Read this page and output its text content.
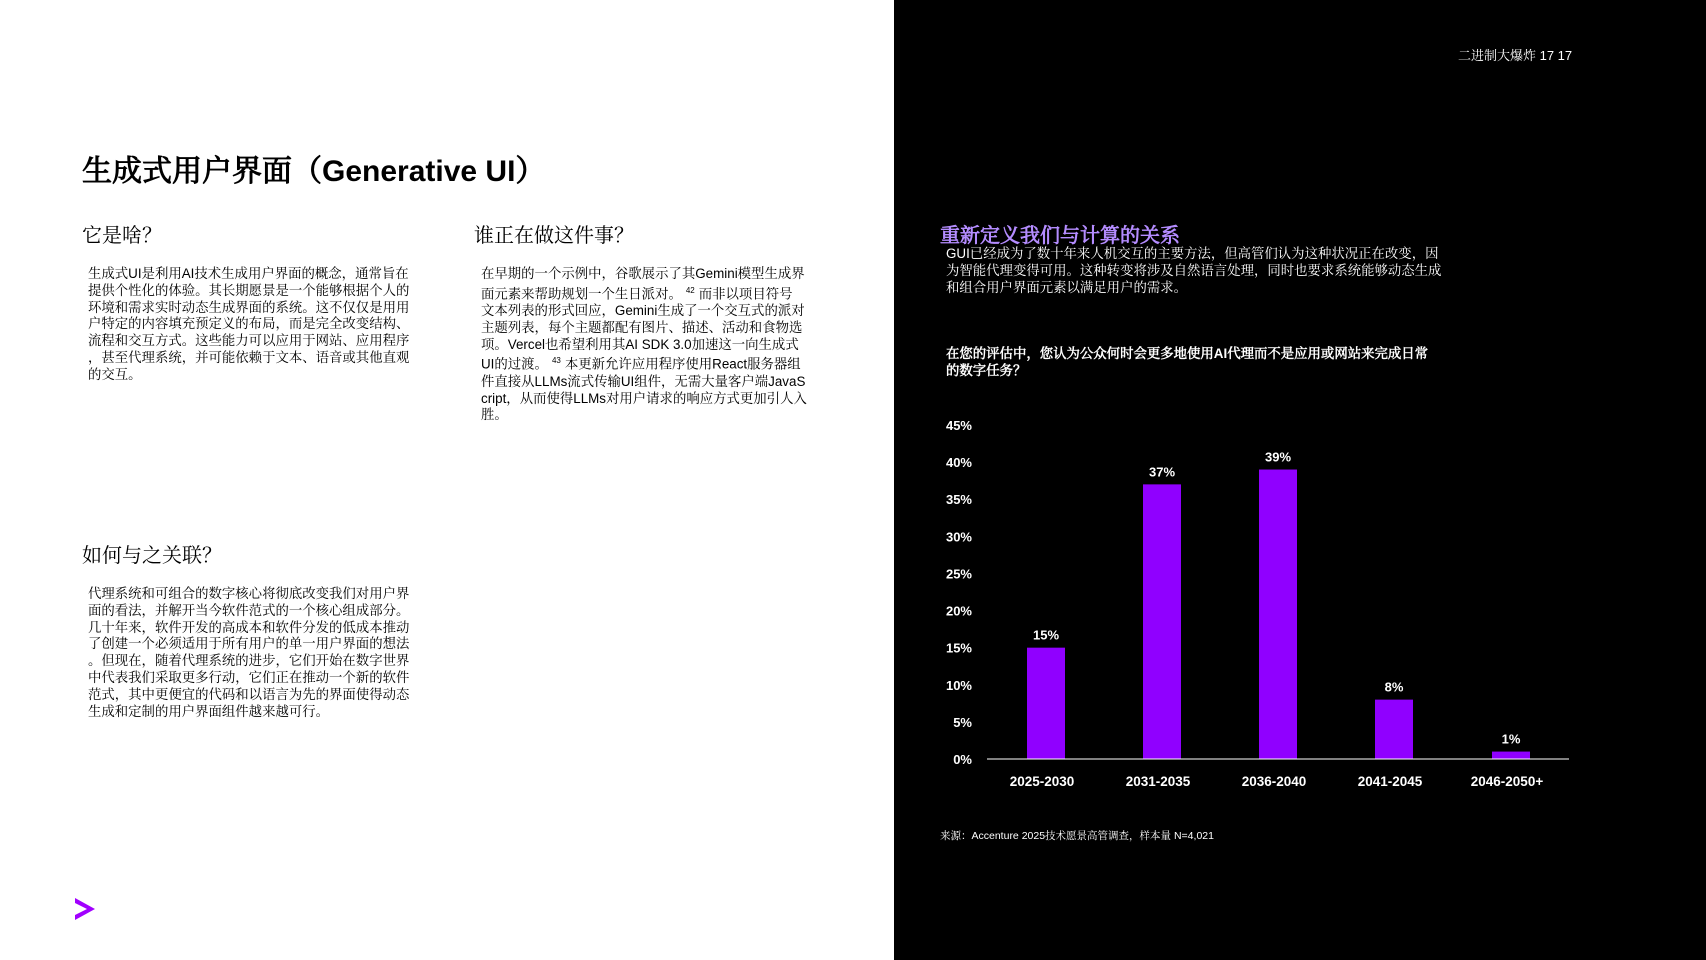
生成式用户界面（Generative UI）
它是啥？
生成式UI是利用AI技术生成用户界面的概念，通常旨在
提供个性化的体验。其长期愿景是一个能够根据个人的
环境和需求实时动态生成界面的系统。这不仅仅是用用
户特定的内容填充预定义的布局，而是完全改变结构、
流程和交互方式。这些能力可以应用于网站、应用程序
，甚至代理系统，并可能依赖于文本、语音或其他直观
的交互。
谁正在做这件事？
在早期的一个示例中，谷歌展示了其Gemini模型生成界
面元素来帮助规划一个生日派对。 $^{42}$ 而非以项目符号
文本列表的形式回应，Gemini生成了一个交互式的派对
主题列表，每个主题都配有图片、描述、活动和食物选
项。Vercel也希望利用其AI SDK 3.0加速这一向生成式
UI的过渡。 $^{43}$ 本更新允许应用程序使用React服务器组
件直接从LLMs流式传输UI组件，无需大量客户端JavaS
cript，从而使得LLMs对用户请求的响应方式更加引人入
胜。
如何与之关联？
代理系统和可组合的数字核心将彻底改变我们对用户界
面的看法，并解开当今软件范式的一个核心组成部分。
几十年来，软件开发的高成本和软件分发的低成本推动
了创建一个必须适用于所有用户的单一用户界面的想法
。但现在，随着代理系统的进步，它们开始在数字世界
中代表我们采取更多行动，它们正在推动一个新的软件
范式，其中更便宜的代码和以语言为先的界面使得动态
生成和定制的用户界面组件越来越可行。
二进制大爆炸 17 17
重新定义我们与计算的关系
GUI已经成为了数十年来人机交互的主要方法，但高管们认为这种状况正在改变，因
为智能代理变得可用。这种转变将涉及自然语言处理，同时也要求系统能够动态生成
和组合用户界面元素以满足用户的需求。
在您的评估中，您认为公众何时会更多地使用AI代理而不是应用或网站来完成日常
的数字任务？
0%
5%
10%
15%
20%
25%
30%
35%
40%
45%
15%
2025-2030
37%
2031-2035
39%
2036-2040
8%
2041-2045
1%
2046-2050+
来源：Accenture 2025技术愿景高管调查，样本量 N=4,021
